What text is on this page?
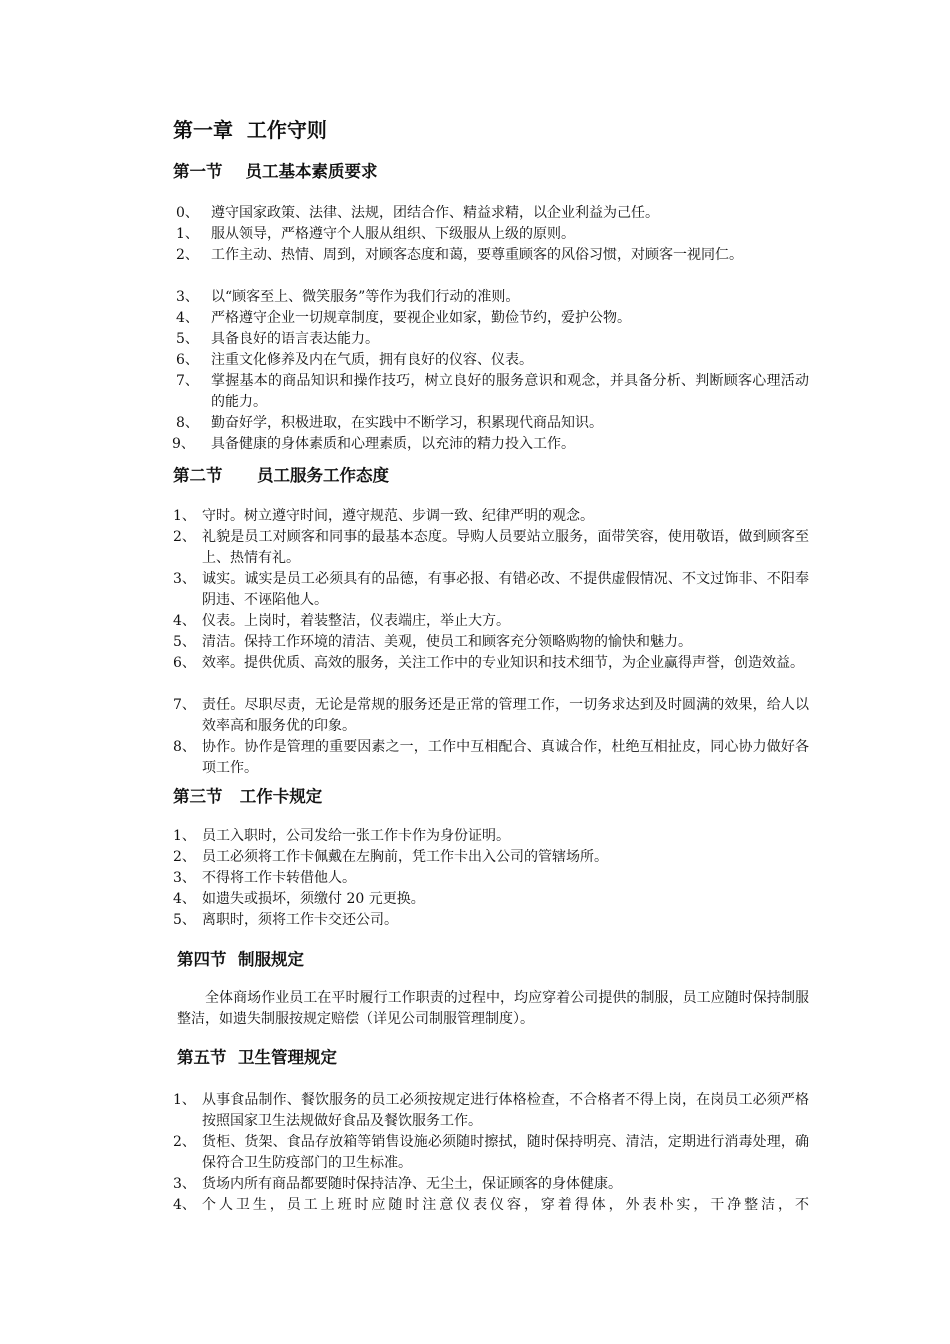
第一章  工作守则
第一节    员工基本素质要求
0、 遵守国家政策、法律、法规，团结合作、精益求精，以企业利益为己任。
1、 服从领导，严格遵守个人服从组织、下级服从上级的原则。
2、 工作主动、热情、周到，对顾客态度和蔼，要尊重顾客的风俗习惯，对顾客一视同仁。
3、 以“顾客至上、微笑服务”等作为我们行动的准则。
4、 严格遵守企业一切规章制度，要视企业如家，勤俭节约，爱护公物。
5、 具备良好的语言表达能力。
6、 注重文化修养及内在气质，拥有良好的仪容、仪表。
7、 掌握基本的商品知识和操作技巧，树立良好的服务意识和观念，并具备分析、判断顾客心理活动的能力。
8、 勤奋好学，积极进取，在实践中不断学习，积累现代商品知识。
9、	具备健康的身体素质和心理素质，以充沛的精力投入工作。
第二节      员工服务工作态度
1、 守时。树立遵守时间，遵守规范、步调一致、纪律严明的观念。
2、 礼貌是员工对顾客和同事的最基本态度。导购人员要站立服务，面带笑容，使用敬语，做到顾客至上、热情有礼。
3、 诚实。诚实是员工必须具有的品德，有事必报、有错必改、不提供虚假情况、不文过饰非、不阳奉阴违、不诬陷他人。
4、 仪表。上岗时，着装整洁，仪表端庄，举止大方。
5、 清洁。保持工作环境的清洁、美观，使员工和顾客充分领略购物的愉快和魅力。
6、 效率。提供优质、高效的服务，关注工作中的专业知识和技术细节，为企业赢得声誉，创造效益。
7、 责任。尽职尽责，无论是常规的服务还是正常的管理工作，一切务求达到及时圆满的效果，给人以效率高和服务优的印象。
8、 协作。协作是管理的重要因素之一，工作中互相配合、真诚合作，杜绝互相扯皮，同心协力做好各项工作。
第三节   工作卡规定
1、 员工入职时，公司发给一张工作卡作为身份证明。
2、 员工必须将工作卡佩戴在左胸前，凭工作卡出入公司的管辖场所。
3、 不得将工作卡转借他人。
4、 如遗失或损坏，须缴付 20 元更换。
5、 离职时，须将工作卡交还公司。
第四节  制服规定
全体商场作业员工在平时履行工作职责的过程中，均应穿着公司提供的制服，员工应随时保持制服整洁，如遗失制服按规定赔偿（详见公司制服管理制度）。
第五节  卫生管理规定
1、 从事食品制作、餐饮服务的员工必须按规定进行体格检查，不合格者不得上岗，在岗员工必须严格按照国家卫生法规做好食品及餐饮服务工作。
2、 货柜、货架、食品存放箱等销售设施必须随时擦拭，随时保持明亮、清洁，定期进行消毒处理，确保符合卫生防疫部门的卫生标准。
3、 货场内所有商品都要随时保持洁净、无尘土，保证顾客的身体健康。
4、 个人卫生，员工上班时应随时注意仪表仪容，穿着得体，外表朴实，干净整洁，不
